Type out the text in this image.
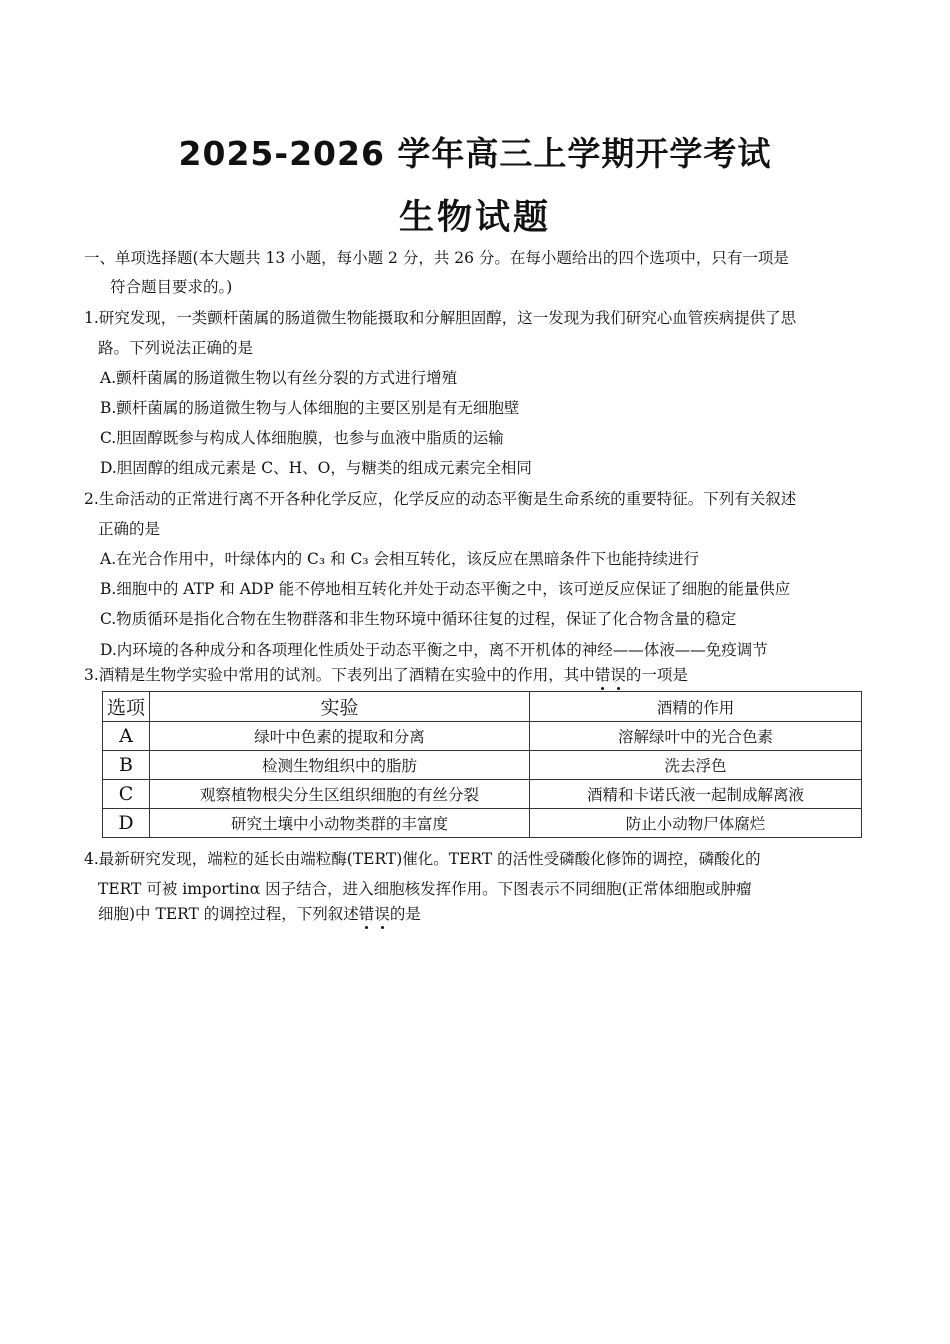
2025-2026 学年高三上学期开学考试
生物试题
一、单项选择题(本大题共 13 小题，每小题 2 分，共 26 分。在每小题给出的四个选项中，只有一项是
符合题目要求的。)
1.研究发现，一类颤杆菌属的肠道微生物能摄取和分解胆固醇，这一发现为我们研究心血管疾病提供了思
路。下列说法正确的是
A.颤杆菌属的肠道微生物以有丝分裂的方式进行增殖
B.颤杆菌属的肠道微生物与人体细胞的主要区别是有无细胞壁
C.胆固醇既参与构成人体细胞膜，也参与血液中脂质的运输
D.胆固醇的组成元素是 C、H、O，与糖类的组成元素完全相同
2.生命活动的正常进行离不开各种化学反应，化学反应的动态平衡是生命系统的重要特征。下列有关叙述
正确的是
A.在光合作用中，叶绿体内的 C₃ 和 C₃ 会相互转化，该反应在黑暗条件下也能持续进行
B.细胞中的 ATP 和 ADP 能不停地相互转化并处于动态平衡之中，该可逆反应保证了细胞的能量供应
C.物质循环是指化合物在生物群落和非生物环境中循环往复的过程，保证了化合物含量的稳定
D.内环境的各种成分和各项理化性质处于动态平衡之中，离不开机体的神经——体液——免疫调节
3.酒精是生物学实验中常用的试剂。下表列出了酒精在实验中的作用，其中错误的一项是
选项	实验	酒精的作用
A	绿叶中色素的提取和分离	溶解绿叶中的光合色素
B	检测生物组织中的脂肪	洗去浮色
C	观察植物根尖分生区组织细胞的有丝分裂	酒精和卡诺氏液一起制成解离液
D	研究土壤中小动物类群的丰富度	防止小动物尸体腐烂
4.最新研究发现，端粒的延长由端粒酶(TERT)催化。TERT 的活性受磷酸化修饰的调控，磷酸化的
TERT 可被 importinα 因子结合，进入细胞核发挥作用。下图表示不同细胞(正常体细胞或肿瘤
细胞)中 TERT 的调控过程，下列叙述错误的是
